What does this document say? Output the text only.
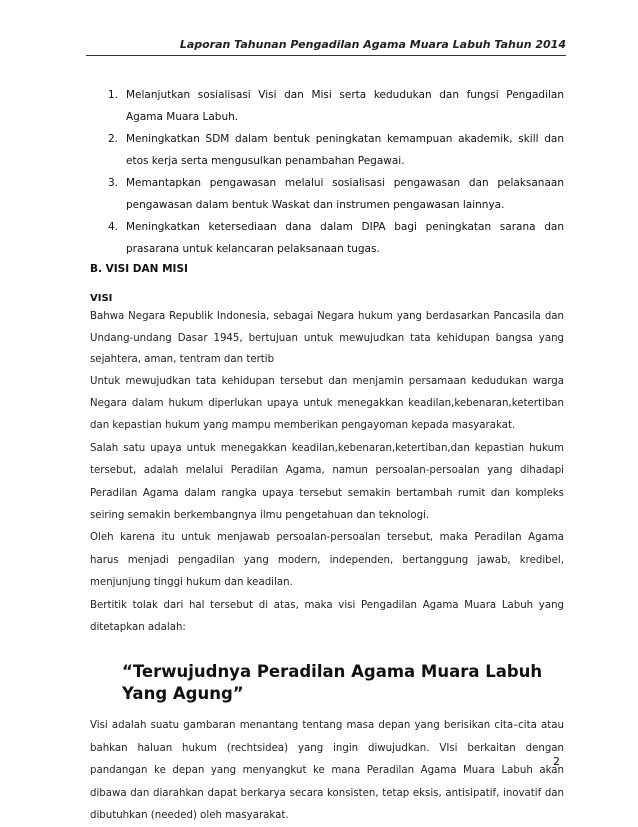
Laporan Tahunan Pengadilan Agama Muara Labuh Tahun 2014
1. Melanjutkan sosialisasi Visi dan Misi serta kedudukan dan fungsi Pengadilan Agama Muara Labuh.
2. Meningkatkan SDM dalam bentuk peningkatan kemampuan akademik, skill dan etos kerja serta mengusulkan penambahan Pegawai.
3. Memantapkan pengawasan melalui sosialisasi pengawasan dan pelaksanaan pengawasan dalam bentuk Waskat dan instrumen pengawasan lainnya.
4. Meningkatkan ketersediaan dana dalam DIPA bagi peningkatan sarana dan prasarana untuk kelancaran pelaksanaan tugas.
B. VISI DAN MISI
VISI

Bahwa Negara Republik Indonesia, sebagai Negara hukum yang berdasarkan Pancasila dan Undang-undang Dasar 1945, bertujuan untuk mewujudkan tata kehidupan bangsa yang sejahtera, aman, tentram dan tertib

Untuk mewujudkan tata kehidupan tersebut dan menjamin persamaan kedudukan warga Negara dalam hukum diperlukan upaya untuk menegakkan keadilan,kebenaran,ketertiban dan kepastian hukum yang mampu memberikan pengayoman kepada masyarakat.

Salah satu upaya untuk menegakkan keadilan,kebenaran,ketertiban,dan kepastian hukum tersebut, adalah melalui Peradilan Agama, namun persoalan-persoalan yang dihadapi Peradilan Agama dalam rangka upaya tersebut semakin bertambah rumit dan kompleks seiring semakin berkembangnya ilmu pengetahuan dan teknologi.

Oleh karena itu untuk menjawab persoalan-persoalan tersebut, maka Peradilan Agama harus menjadi pengadilan yang modern, independen, bertanggung jawab, kredibel, menjunjung tinggi hukum dan keadilan.

Bertitik tolak dari hal tersebut di atas, maka visi Pengadilan Agama Muara Labuh yang ditetapkan adalah:

“Terwujudnya Peradilan Agama Muara Labuh Yang Agung”

Visi adalah suatu gambaran menantang tentang masa depan yang berisikan cita–cita atau bahkan haluan hukum (rechtsidea) yang ingin diwujudkan. VIsi berkaitan dengan pandangan ke depan yang menyangkut ke mana Peradilan Agama Muara Labuh akan dibawa dan diarahkan dapat berkarya secara konsisten, tetap eksis, antisipatif, inovatif dan dibutuhkan (needed) oleh masyarakat.

2
